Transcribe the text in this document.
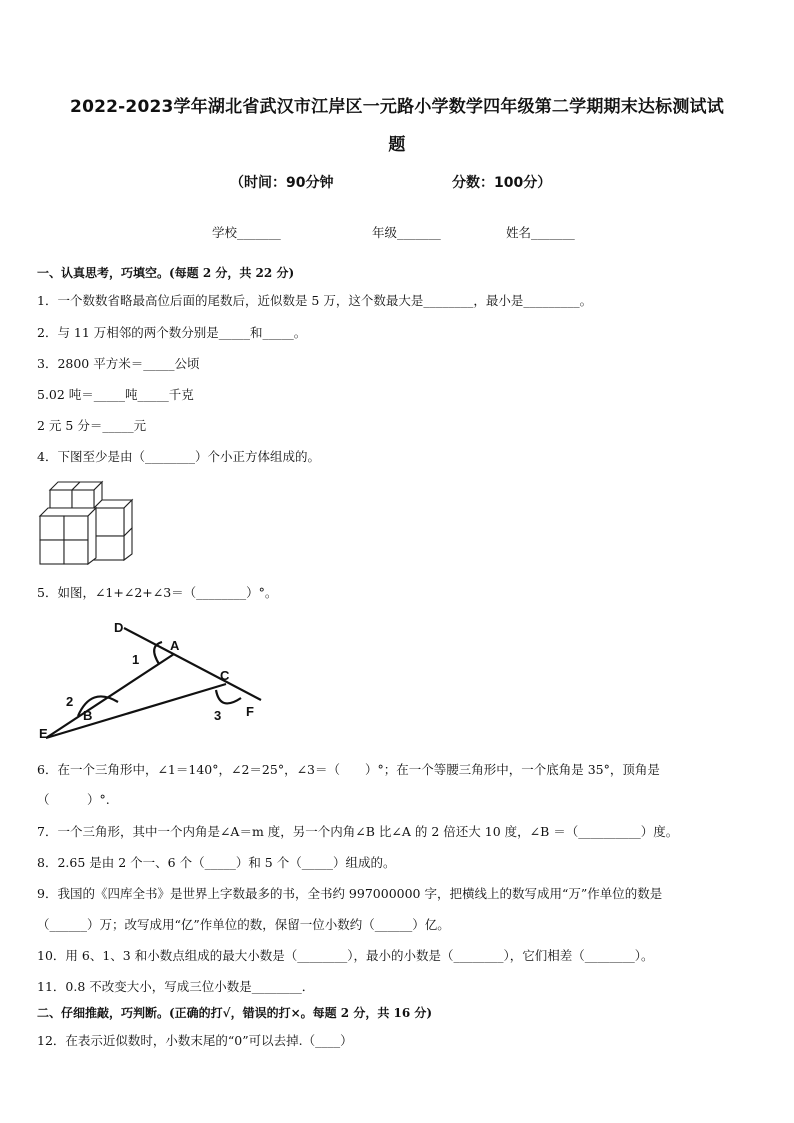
2022-2023学年湖北省武汉市江岸区一元路小学数学四年级第二学期期末达标测试试
题
（时间：90分钟	分数：100分）
学校_______	年级_______	姓名_______
一、认真思考，巧填空。(每题 2 分，共 22 分)
1．一个数数省略最高位后面的尾数后，近似数是 5 万，这个数最大是________，最小是_________。
2．与 11 万相邻的两个数分别是_____和_____。
3．2800 平方米＝_____公顷
5.02 吨＝_____吨_____千克
2 元 5 分＝_____元
4．下图至少是由（________）个小正方体组成的。
5．如图，∠1+∠2+∠3＝（________）°。
D
A
1
C
2
B	3
E
F
6．在一个三角形中，∠1＝140°，∠2＝25°，∠3＝（　　）°；在一个等腰三角形中，一个底角是 35°，顶角是
（　　　）°.
7．一个三角形，其中一个内角是∠A＝m 度，另一个内角∠B 比∠A 的 2 倍还大 10 度，∠B ＝（__________）度。
8．2.65 是由 2 个一、6 个（_____）和 5 个（_____）组成的。
9．我国的《四库全书》是世界上字数最多的书，全书约 997000000 字，把横线上的数写成用“万”作单位的数是
（______）万；改写成用“亿”作单位的数，保留一位小数约（______）亿。
10．用 6、1、3 和小数点组成的最大小数是（________），最小的小数是（________），它们相差（________）。
11．0.8 不改变大小，写成三位小数是________．
二、仔细推敲，巧判断。(正确的打√，错误的打×。每题 2 分，共 16 分)
12．在表示近似数时，小数末尾的“0”可以去掉.（____）
